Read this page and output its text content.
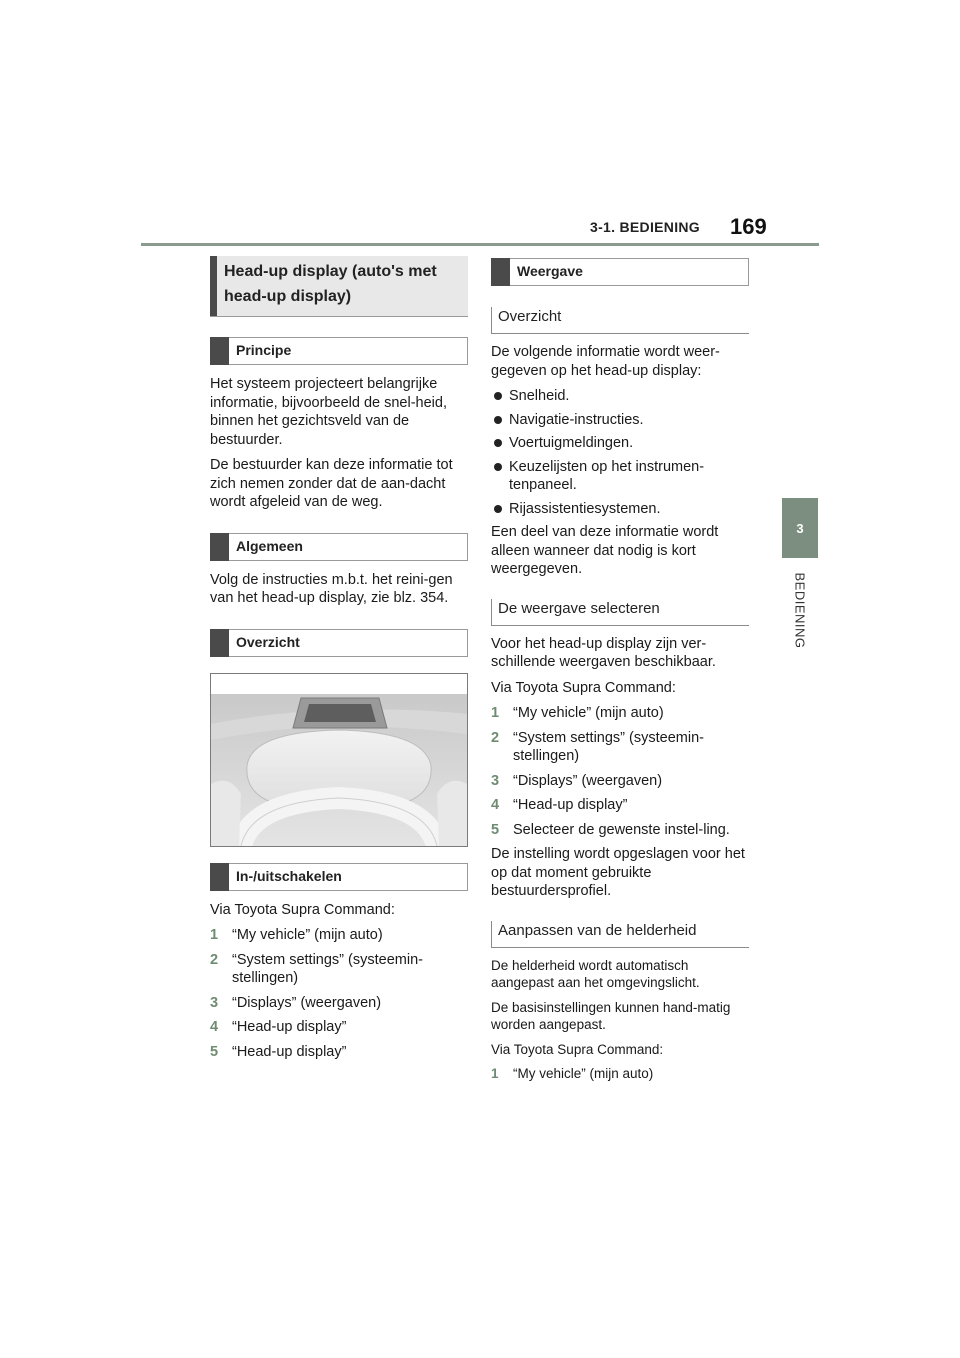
3-1. BEDIENING 169
3
BEDIENING
Head-up display (auto's met head-up display)
Principe

Het systeem projecteert belangrijke informatie, bijvoorbeeld de snel-heid, binnen het gezichtsveld van de bestuurder.

De bestuurder kan deze informatie tot zich nemen zonder dat de aan-dacht wordt afgeleid van de weg.

Algemeen

Volg de instructies m.b.t. het reini-gen van het head-up display, zie blz. 354.

Overzicht
In-/uitschakelen

Via Toyota Supra Command:

1 “My vehicle” (mijn auto)
2 “System settings” (systeemin-stellingen)
3 “Displays” (weergaven)
4 “Head-up display”
5 “Head-up display”
Weergave
Overzicht

De volgende informatie wordt weer-gegeven op het head-up display:

Snelheid.
Navigatie-instructies.
Voertuigmeldingen.
Keuzelijsten op het instrumen-tenpaneel.
Rijassistentiesystemen.

Een deel van deze informatie wordt alleen wanneer dat nodig is kort weergegeven.

De weergave selecteren

Voor het head-up display zijn ver-schillende weergaven beschikbaar.

Via Toyota Supra Command:

1 “My vehicle” (mijn auto)
2 “System settings” (systeemin-stellingen)
3 “Displays” (weergaven)
4 “Head-up display”
5 Selecteer de gewenste instel-ling.

De instelling wordt opgeslagen voor het op dat moment gebruikte bestuurdersprofiel.

Aanpassen van de helderheid

De helderheid wordt automatisch aangepast aan het omgevingslicht.

De basisinstellingen kunnen hand-matig worden aangepast.

Via Toyota Supra Command:

1	“My vehicle” (mijn auto)
